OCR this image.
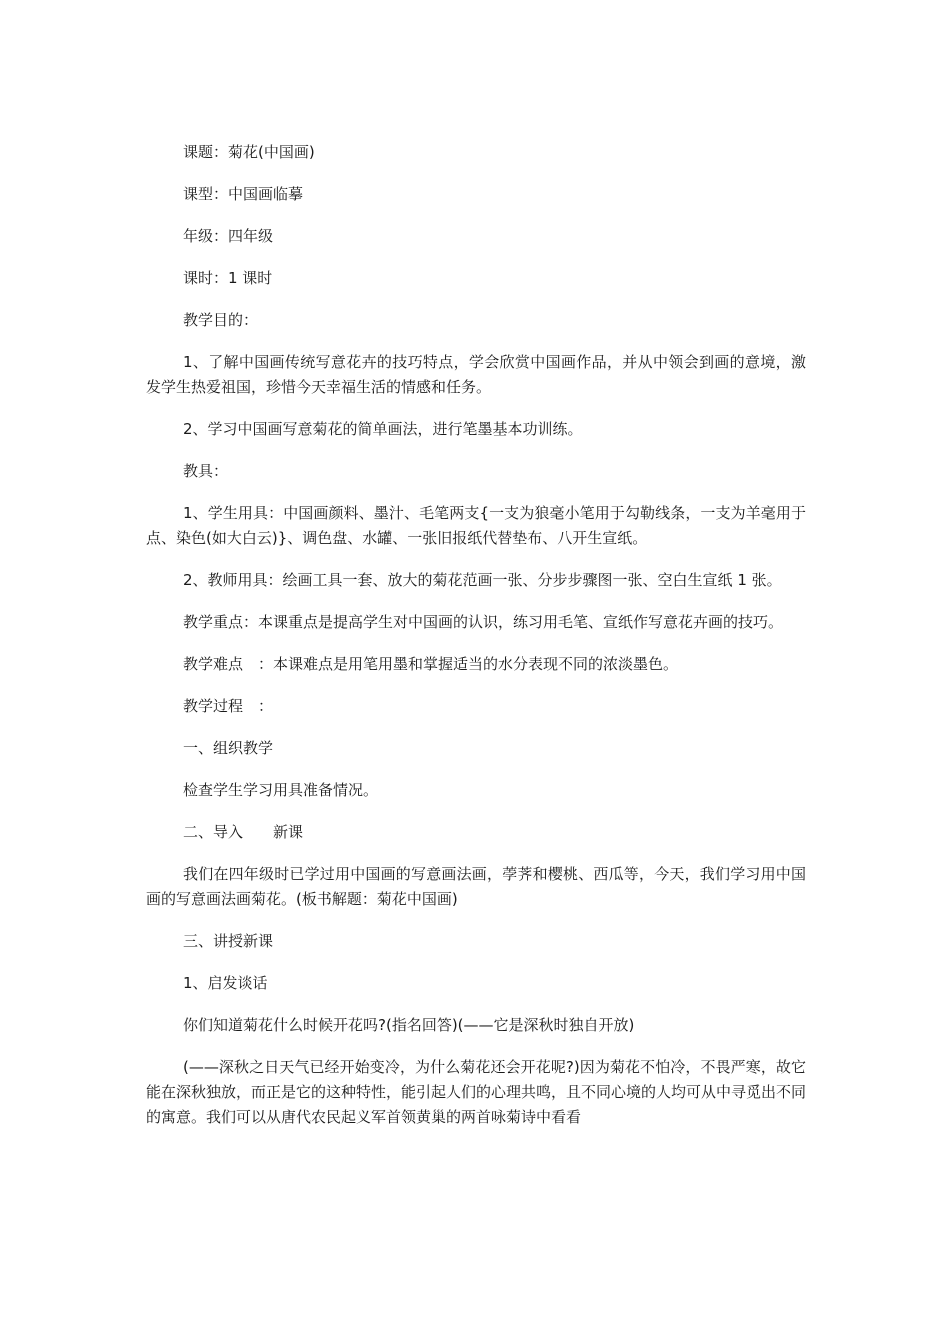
课题：菊花(中国画)

课型：中国画临摹

年级：四年级

课时：1 课时

教学目的：

1、了解中国画传统写意花卉的技巧特点，学会欣赏中国画作品，并从中领会到画的意境，激发学生热爱祖国，珍惜今天幸福生活的情感和任务。

2、学习中国画写意菊花的简单画法，进行笔墨基本功训练。

教具：

1、学生用具：中国画颜料、墨汁、毛笔两支{一支为狼毫小笔用于勾勒线条，一支为羊毫用于点、染色(如大白云)}、调色盘、水罐、一张旧报纸代替垫布、八开生宣纸。

2、教师用具：绘画工具一套、放大的菊花范画一张、分步步骤图一张、空白生宣纸 1 张。

教学重点：本课重点是提高学生对中国画的认识，练习用毛笔、宣纸作写意花卉画的技巧。

教学难点　：本课难点是用笔用墨和掌握适当的水分表现不同的浓淡墨色。

教学过程　：

一、组织教学

检查学生学习用具准备情况。

二、导入　　新课

我们在四年级时已学过用中国画的写意画法画，荸荠和樱桃、西瓜等，今天，我们学习用中国画的写意画法画菊花。(板书解题：菊花中国画)

三、讲授新课

1、启发谈话

你们知道菊花什么时候开花吗?(指名回答)(——它是深秋时独自开放)

(——深秋之日天气已经开始变冷，为什么菊花还会开花呢?)因为菊花不怕冷，不畏严寒，故它能在深秋独放，而正是它的这种特性，能引起人们的心理共鸣，且不同心境的人均可从中寻觅出不同的寓意。我们可以从唐代农民起义军首领黄巢的两首咏菊诗中看看
